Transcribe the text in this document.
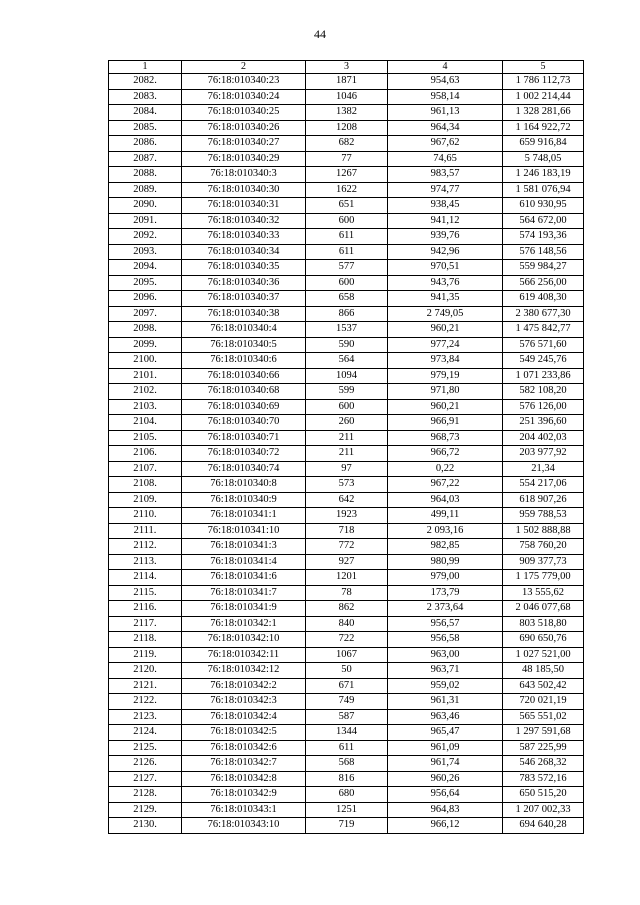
44
1	2	3	4	5
2082.	76:18:010340:23	1871	954,63	1 786 112,73
2083.	76:18:010340:24	1046	958,14	1 002 214,44
2084.	76:18:010340:25	1382	961,13	1 328 281,66
2085.	76:18:010340:26	1208	964,34	1 164 922,72
2086.	76:18:010340:27	682	967,62	659 916,84
2087.	76:18:010340:29	77	74,65	5 748,05
2088.	76:18:010340:3	1267	983,57	1 246 183,19
2089.	76:18:010340:30	1622	974,77	1 581 076,94
2090.	76:18:010340:31	651	938,45	610 930,95
2091.	76:18:010340:32	600	941,12	564 672,00
2092.	76:18:010340:33	611	939,76	574 193,36
2093.	76:18:010340:34	611	942,96	576 148,56
2094.	76:18:010340:35	577	970,51	559 984,27
2095.	76:18:010340:36	600	943,76	566 256,00
2096.	76:18:010340:37	658	941,35	619 408,30
2097.	76:18:010340:38	866	2 749,05	2 380 677,30
2098.	76:18:010340:4	1537	960,21	1 475 842,77
2099.	76:18:010340:5	590	977,24	576 571,60
2100.	76:18:010340:6	564	973,84	549 245,76
2101.	76:18:010340:66	1094	979,19	1 071 233,86
2102.	76:18:010340:68	599	971,80	582 108,20
2103.	76:18:010340:69	600	960,21	576 126,00
2104.	76:18:010340:70	260	966,91	251 396,60
2105.	76:18:010340:71	211	968,73	204 402,03
2106.	76:18:010340:72	211	966,72	203 977,92
2107.	76:18:010340:74	97	0,22	21,34
2108.	76:18:010340:8	573	967,22	554 217,06
2109.	76:18:010340:9	642	964,03	618 907,26
2110.	76:18:010341:1	1923	499,11	959 788,53
2111.	76:18:010341:10	718	2 093,16	1 502 888,88
2112.	76:18:010341:3	772	982,85	758 760,20
2113.	76:18:010341:4	927	980,99	909 377,73
2114.	76:18:010341:6	1201	979,00	1 175 779,00
2115.	76:18:010341:7	78	173,79	13 555,62
2116.	76:18:010341:9	862	2 373,64	2 046 077,68
2117.	76:18:010342:1	840	956,57	803 518,80
2118.	76:18:010342:10	722	956,58	690 650,76
2119.	76:18:010342:11	1067	963,00	1 027 521,00
2120.	76:18:010342:12	50	963,71	48 185,50
2121.	76:18:010342:2	671	959,02	643 502,42
2122.	76:18:010342:3	749	961,31	720 021,19
2123.	76:18:010342:4	587	963,46	565 551,02
2124.	76:18:010342:5	1344	965,47	1 297 591,68
2125.	76:18:010342:6	611	961,09	587 225,99
2126.	76:18:010342:7	568	961,74	546 268,32
2127.	76:18:010342:8	816	960,26	783 572,16
2128.	76:18:010342:9	680	956,64	650 515,20
2129.	76:18:010343:1	1251	964,83	1 207 002,33
2130.	76:18:010343:10	719	966,12	694 640,28
